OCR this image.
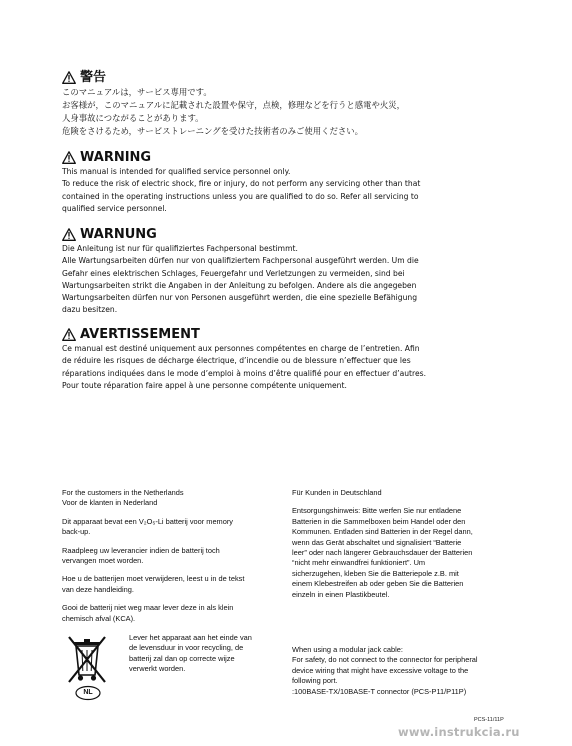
警告
このマニュアルは，サービス専用です。
お客様が，このマニュアルに記載された設置や保守，点検，修理などを行うと感電や火災，
人身事故につながることがあります。
危険をさけるため，サービストレーニングを受けた技術者のみご使用ください。
WARNING
This manual is intended for qualified service personnel only.
To reduce the risk of electric shock, fire or injury, do not perform any servicing other than that
contained in the operating instructions unless you are qualified to do so. Refer all servicing to
qualified service personnel.
WARNUNG
Die Anleitung ist nur für qualifiziertes Fachpersonal bestimmt.
Alle Wartungsarbeiten dürfen nur von qualifiziertem Fachpersonal ausgeführt werden. Um die
Gefahr eines elektrischen Schlages, Feuergefahr und Verletzungen zu vermeiden, sind bei
Wartungsarbeiten strikt die Angaben in der Anleitung zu befolgen. Andere als die angegeben
Wartungsarbeiten dürfen nur von Personen ausgeführt werden, die eine spezielle Befähigung
dazu besitzen.
AVERTISSEMENT
Ce manual est destiné uniquement aux personnes compétentes en charge de l’entretien. Afin
de réduire les risques de décharge électrique, d’incendie ou de blessure n’effectuer que les
réparations indiquées dans le mode d’emploi à moins d’être qualifié pour en effectuer d’autres.
Pour toute réparation faire appel à une personne compétente uniquement.
For the customers in the Netherlands
Voor de klanten in Nederland
Dit apparaat bevat een V₂O₅-Li batterij voor memory
back-up.
Raadpleeg uw leverancier indien de batterij toch
vervangen moet worden.
Hoe u de batterijen moet verwijderen, leest u in de tekst
van deze handleiding.
Gooi de batterij niet weg maar lever deze in als klein
chemisch afval (KCA).
NL
Lever het apparaat aan het einde van
de levensduur in voor recycling, de
batterij zal dan op correcte wijze
verwerkt worden.
Für Kunden in Deutschland
Entsorgungshinweis: Bitte werfen Sie nur entladene
Batterien in die Sammelboxen beim Handel oder den
Kommunen. Entladen sind Batterien in der Regel dann,
wenn das Gerät abschaltet und signalisiert “Batterie
leer” oder nach längerer Gebrauchsdauer der Batterien
“nicht mehr einwandfrei funktioniert”. Um
sicherzugehen, kleben Sie die Batteriepole z.B. mit
einem Klebestreifen ab oder geben Sie die Batterien
einzeln in einen Plastikbeutel.
When using a modular jack cable:
For safety, do not connect to the connector for peripheral
device wiring that might have excessive voltage to the
following port.
:100BASE-TX/10BASE-T connector (PCS-P11/P11P)
PCS-11/11P
www.instrukcia.ru
